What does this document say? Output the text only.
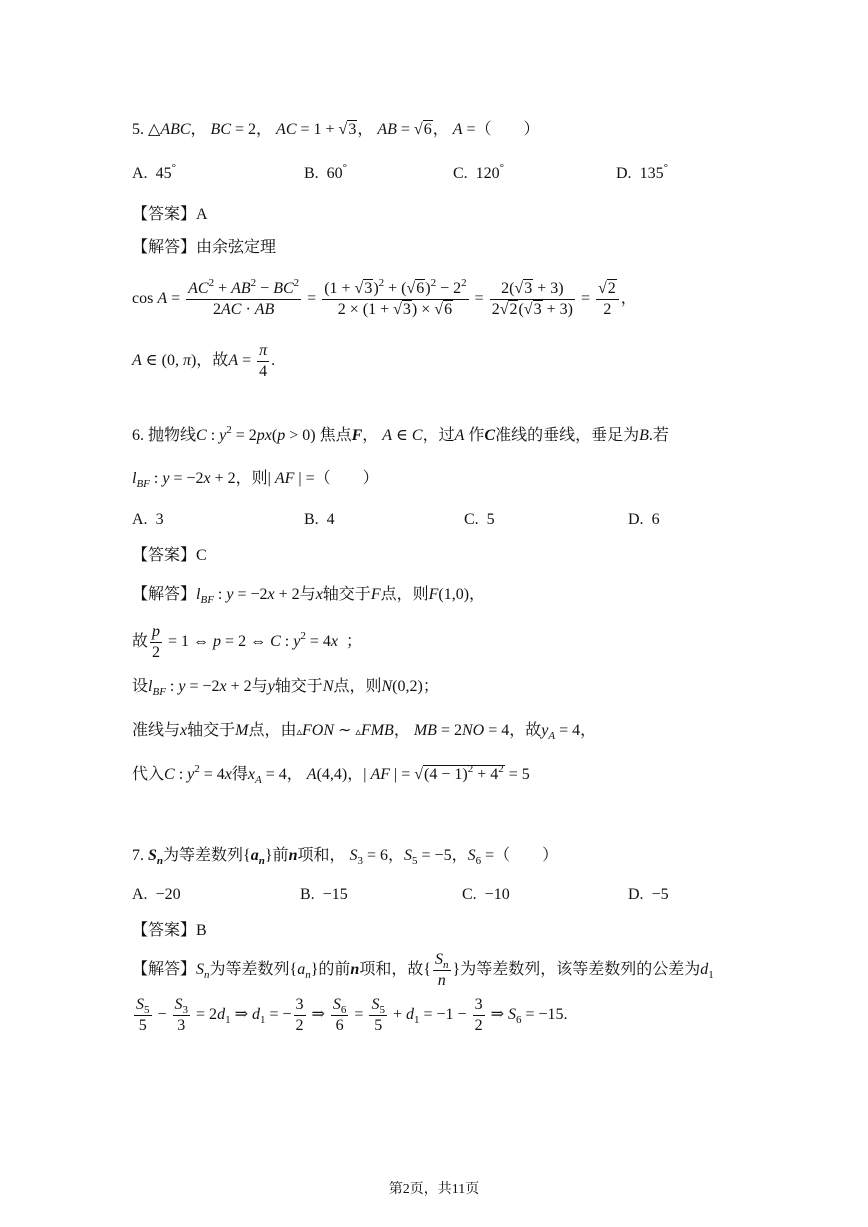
5. △ABC， BC = 2， AC = 1 + √3， AB = √6， A =（　　）
A. 45°	B. 60°	C. 120°	D. 135°
【答案】A
【解答】由余弦定理
$\cos A = \frac{AC^2 + AB^2 - BC^2}{2AC \cdot AB} = \frac{(1 + √3)^2 + (√6)^2 - 2^2}{2 \times (1 + √3) \times √6} = \frac{2(√3 + 3)}{2√2(√3 + 3)} = \frac{√2}{2}$ ，
A ∈ (0, π)，故$A = \frac{\pi}{4}$ .
6. 抛物线C : $y^2 = 2px(p > 0)$ 焦点F， A ∈ C，过A 作C准线的垂线，垂足为B.若
$l_{BF}$ : y = −2x + 2，则| AF | =（　　）
A. 3	B. 4	C. 5	D. 6
【答案】C
【解答】$l_{BF}$ : y = −2x + 2与x轴交于F点，则F(1,0)，
故 $\frac{p}{2} = 1$ ⇔ p = 2 ⇔ C : $y^2 = 4x$  ；
设$l_{BF}$ : y = −2x + 2与y轴交于N点，则N(0,2)；
准线与x轴交于M点，由▵FON ∼ ▵FMB， MB = 2NO = 4，故$y_A = 4$，
代入C : $y^2 = 4x$得$x_A = 4$， A(4,4)，| AF | = $√(4 - 1)^2 + 4^2 = 5$
7. $S_n$为等差数列$\{a_n\}$前n项和， $S_3 = 6$，$S_5 = -5$，$S_6$ =（　　）
A. −20	B. −15	C. −10	D. −5
【答案】B
【解答】$S_n$为等差数列$\{a_n\}$的前n项和，故{ $\frac{S_n}{n}$ }为等差数列，该等差数列的公差为$d_1$
$\frac{S_5}{5} - \frac{S_3}{3} = 2d_1$ ⇒ $d_1$ = − $\frac{3}{2}$ ⇒ $\frac{S_6}{6} = \frac{S_5}{5} + d_1 = -1 - \frac{3}{2}$ ⇒ $S_6 = -15$.
第2页，共11页
